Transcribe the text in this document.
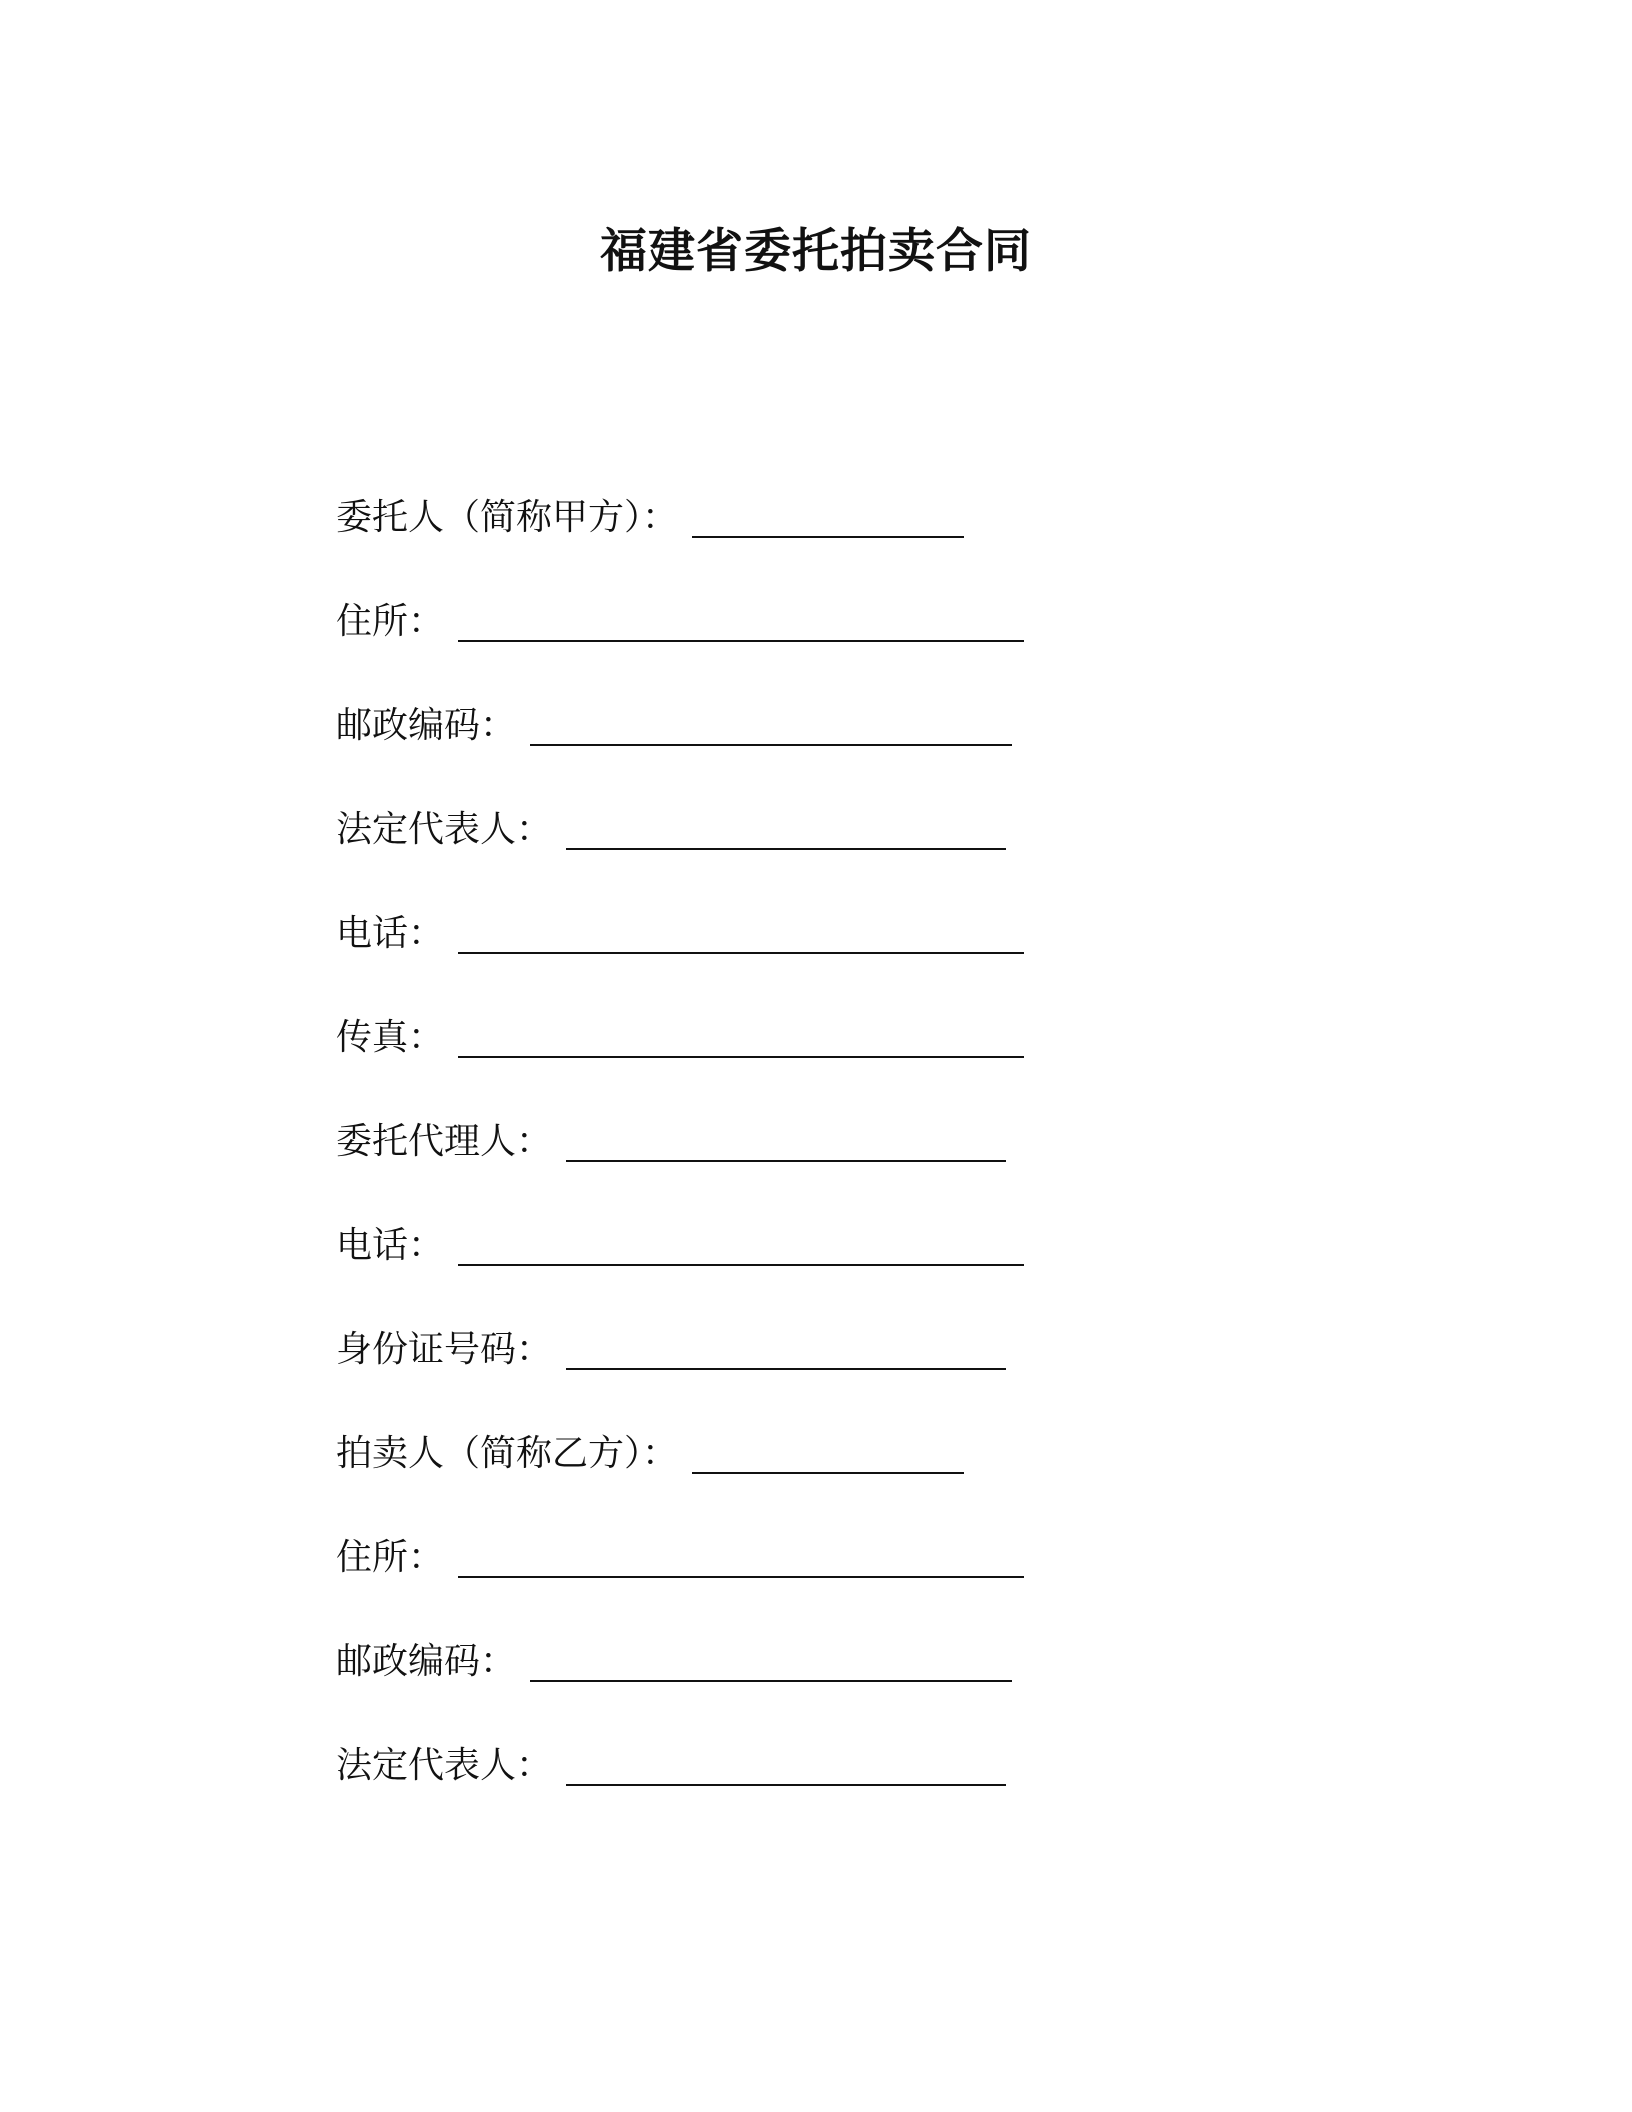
福建省委托拍卖合同
委托人（简称甲方）：
住所：
邮政编码：
法定代表人：
电话：
传真：
委托代理人：
电话：
身份证号码：
拍卖人（简称乙方）：
住所：
邮政编码：
法定代表人：
